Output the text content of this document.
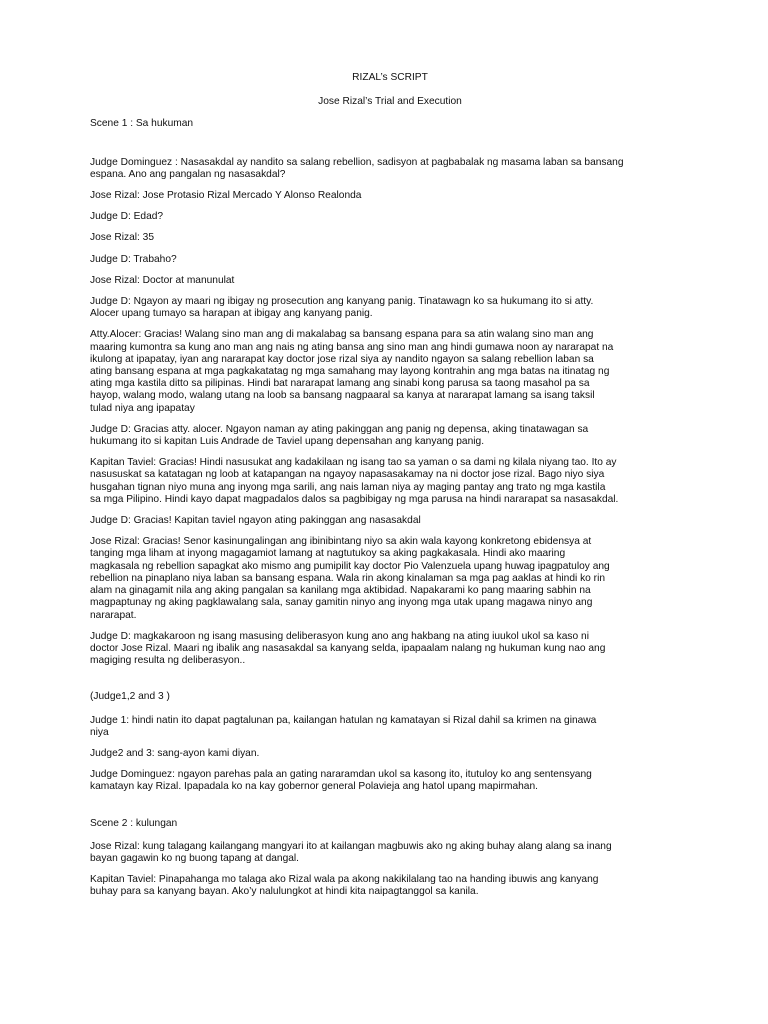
RIZAL’s SCRIPT
Jose Rizal’s Trial and Execution
Scene 1 : Sa hukuman
Judge Dominguez : Nasasakdal ay nandito sa salang rebellion, sadisyon at pagbabalak ng masama laban sa bansang
espana. Ano ang pangalan ng nasasakdal?
Jose Rizal: Jose Protasio Rizal Mercado Y Alonso Realonda
Judge D: Edad?
Jose Rizal: 35
Judge D: Trabaho?
Jose Rizal: Doctor at manunulat
Judge D: Ngayon ay maari ng ibigay ng prosecution ang kanyang panig. Tinatawagn ko sa hukumang ito si atty.
Alocer upang tumayo sa harapan at ibigay ang kanyang panig.
Atty.Alocer: Gracias! Walang sino man ang di makalabag sa bansang espana para sa atin walang sino man ang
maaring kumontra sa kung ano man ang nais ng ating bansa ang sino man ang hindi gumawa noon ay nararapat na
ikulong at ipapatay, iyan ang nararapat kay doctor jose rizal siya ay nandito ngayon sa salang rebellion laban sa
ating bansang espana at mga pagkakatatag ng mga samahang may layong kontrahin ang mga batas na itinatag ng
ating mga kastila ditto sa pilipinas. Hindi bat nararapat lamang ang sinabi kong parusa sa taong masahol pa sa
hayop, walang modo, walang utang na loob sa bansang nagpaaral sa kanya at nararapat lamang sa isang taksil
tulad niya ang ipapatay
Judge D: Gracias atty. alocer. Ngayon naman ay ating pakinggan ang panig ng depensa, aking tinatawagan sa
hukumang ito si kapitan Luis Andrade de Taviel upang depensahan ang kanyang panig.
Kapitan Taviel: Gracias! Hindi nasusukat ang kadakilaan ng isang tao sa yaman o sa dami ng kilala niyang tao. Ito ay
nasususkat sa katatagan ng loob at katapangan na ngayoy napasasakamay na ni doctor jose rizal. Bago niyo siya
husgahan tignan niyo muna ang inyong mga sarili, ang nais laman niya ay maging pantay ang trato ng mga kastila
sa mga Pilipino. Hindi kayo dapat magpadalos dalos sa pagbibigay ng mga parusa na hindi nararapat sa nasasakdal.
Judge D: Gracias! Kapitan taviel ngayon ating pakinggan ang nasasakdal
Jose Rizal: Gracias! Senor kasinungalingan ang ibinibintang niyo sa akin wala kayong konkretong ebidensya at
tanging mga liham at inyong magagamiot lamang at nagtutukoy sa aking pagkakasala. Hindi ako maaring
magkasala ng rebellion sapagkat ako mismo ang pumipilit kay doctor Pio Valenzuela upang huwag ipagpatuloy ang
rebellion na pinaplano niya laban sa bansang espana. Wala rin akong kinalaman sa mga pag aaklas at hindi ko rin
alam na ginagamit nila ang aking pangalan sa kanilang mga aktibidad. Napakarami ko pang maaring sabhin na
magpaptunay ng aking pagklawalang sala, sanay gamitin ninyo ang inyong mga utak upang magawa ninyo ang
nararapat.
Judge D: magkakaroon ng isang masusing deliberasyon kung ano ang hakbang na ating iuukol ukol sa kaso ni
doctor Jose Rizal. Maari ng ibalik ang nasasakdal sa kanyang selda, ipapaalam nalang ng hukuman kung nao ang
magiging resulta ng deliberasyon..
(Judge1,2 and 3 )
Judge 1: hindi natin ito dapat pagtalunan pa, kailangan hatulan ng kamatayan si Rizal dahil sa krimen na ginawa
niya
Judge2 and 3: sang-ayon kami diyan.
Judge Dominguez: ngayon parehas pala an gating nararamdan ukol sa kasong ito, itutuloy ko ang sentensyang
kamatayn kay Rizal. Ipapadala ko na kay gobernor general Polavieja ang hatol upang mapirmahan.
Scene 2 : kulungan
Jose Rizal: kung talagang kailangang mangyari ito at kailangan magbuwis ako ng aking buhay alang alang sa inang
bayan gagawin ko ng buong tapang at dangal.
Kapitan Taviel: Pinapahanga mo talaga ako Rizal wala pa akong nakikilalang tao na handing ibuwis ang kanyang
buhay para sa kanyang bayan. Ako’y nalulungkot at hindi kita naipagtanggol sa kanila.
